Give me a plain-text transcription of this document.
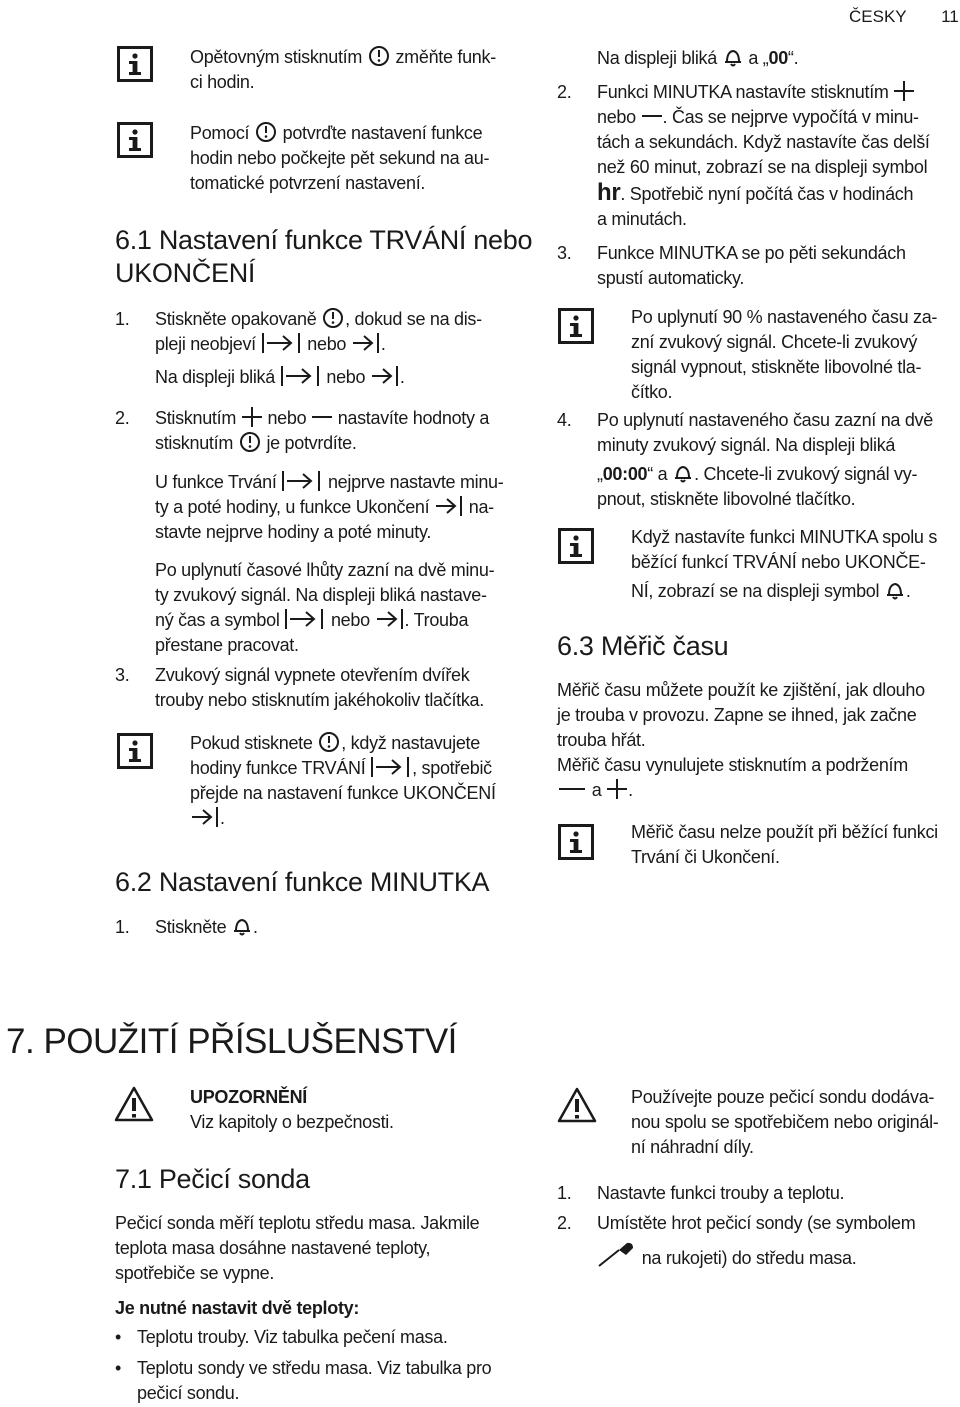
ČESKY 11
Opětovným stisknutím změňte funk-
ci hodin.
Pomocí potvrďte nastavení funkce
hodin nebo počkejte pět sekund na au-
tomatické potvrzení nastavení.
6.1 Nastavení funkce TRVÁNÍ nebo
UKONČENÍ
1. Stiskněte opakovaně , dokud se na dis-
pleji neobjeví	nebo .
Na displeji bliká	nebo .
2. Stisknutím nebo nastavíte hodnoty a
stisknutím je potvrdíte.
U funkce Trvání	nejprve nastavte minu-
ty a poté hodiny, u funkce Ukončení na-
stavte nejprve hodiny a poté minuty.
Po uplynutí časové lhůty zazní na dvě minu-
ty zvukový signál. Na displeji bliká nastave-
ný čas a symbol	nebo . Trouba
přestane pracovat.
3. Zvukový signál vypnete otevřením dvířek
trouby nebo stisknutím jakéhokoliv tlačítka.
Pokud stisknete , když nastavujete
hodiny funkce TRVÁNÍ	, spotřebič
přejde na nastavení funkce UKONČENÍ
.
6.2 Nastavení funkce MINUTKA
1. Stiskněte .
Na displeji bliká a „00“.
2. Funkci MINUTKA nastavíte stisknutím
nebo . Čas se nejprve vypočítá v minu-
tách a sekundách. Když nastavíte čas delší
než 60 minut, zobrazí se na displeji symbol
hr. Spotřebič nyní počítá čas v hodinách
a minutách.
3. Funkce MINUTKA se po pěti sekundách
spustí automaticky.
Po uplynutí 90 % nastaveného času za-
zní zvukový signál. Chcete-li zvukový
signál vypnout, stiskněte libovolné tla-
čítko.
4. Po uplynutí nastaveného času zazní na dvě
minuty zvukový signál. Na displeji bliká
„00:00“ a . Chcete-li zvukový signál vy-
pnout, stiskněte libovolné tlačítko.
Když nastavíte funkci MINUTKA spolu s
běžící funkcí TRVÁNÍ nebo UKONČE-
NÍ, zobrazí se na displeji symbol .
6.3 Měřič času
Měřič času můžete použít ke zjištění, jak dlouho
je trouba v provozu. Zapne se ihned, jak začne
trouba hřát.
Měřič času vynulujete stisknutím a podržením
a .
Měřič času nelze použít při běžící funkci
Trvání či Ukončení.
7. POUŽITÍ PŘÍSLUŠENSTVÍ
UPOZORNĚNÍ
Viz kapitoly o bezpečnosti.
7.1 Pečicí sonda
Pečicí sonda měří teplotu středu masa. Jakmile
teplota masa dosáhne nastavené teploty,
spotřebiče se vypne.
Je nutné nastavit dvě teploty:
• Teplotu trouby. Viz tabulka pečení masa.
• Teplotu sondy ve středu masa. Viz tabulka pro
pečicí sondu.
Používejte pouze pečicí sondu dodáva-
nou spolu se spotřebičem nebo originál-
ní náhradní díly.
1. Nastavte funkci trouby a teplotu.
2. Umístěte hrot pečicí sondy (se symbolem
na rukojeti) do středu masa.
